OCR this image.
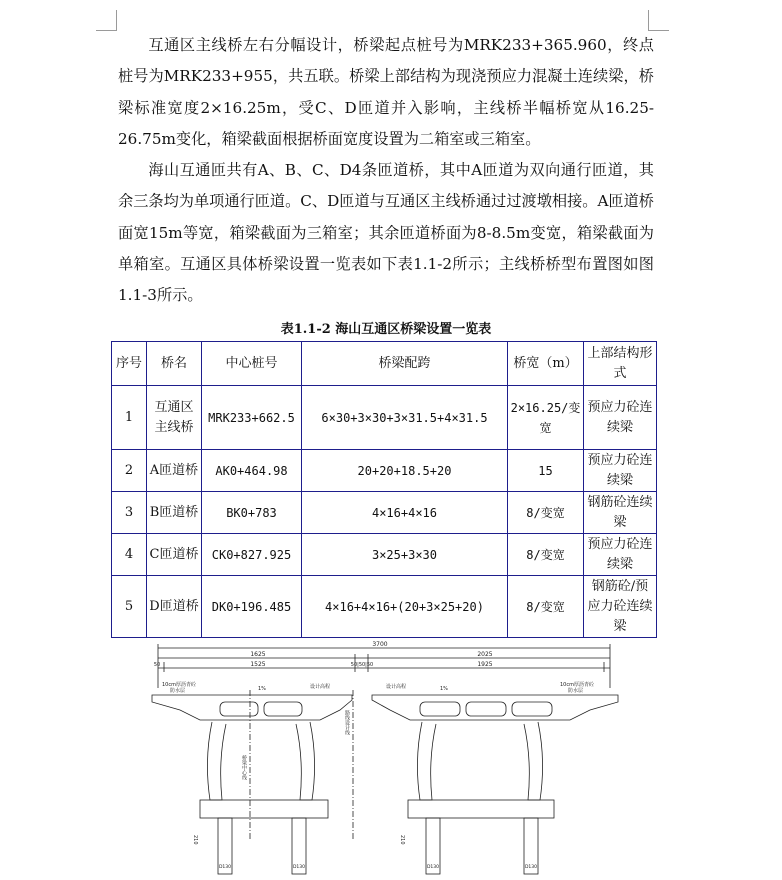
互通区主线桥左右分幅设计，桥梁起点桩号为MRK233+365.960，终点桩号为MRK233+955，共五联。桥梁上部结构为现浇预应力混凝土连续梁，桥梁标准宽度2×16.25m，受C、D匝道并入影响，主线桥半幅桥宽从16.25-26.75m变化，箱梁截面根据桥面宽度设置为二箱室或三箱室。

海山互通匝共有A、B、C、D4条匝道桥，其中A匝道为双向通行匝道，其余三条均为单项通行匝道。C、D匝道与互通区主线桥通过过渡墩相接。A匝道桥面宽15m等宽，箱梁截面为三箱室；其余匝道桥面为8-8.5m变宽，箱梁截面为单箱室。互通区具体桥梁设置一览表如下表1.1-2所示；主线桥桥型布置图如图1.1-3所示。

表1.1-2 海山互通区桥梁设置一览表
序号	桥名	中心桩号	桥梁配跨	桥宽（m）	上部结构形式
1	互通区主线桥	MRK233+662.5	6×30+3×30+3×31.5+4×31.5	2×16.25/变宽	预应力砼连续梁
2	A匝道桥	AK0+464.98	20+20+18.5+20	15	预应力砼连续梁
3	B匝道桥	BK0+783	4×16+4×16	8/变宽	钢筋砼连续梁
4	C匝道桥	CK0+827.925	3×25+3×30	8/变宽	预应力砼连续梁
5	D匝道桥	DK0+196.485	4×16+4×16+(20+3×25+20)	8/变宽	钢筋砼/预应力砼连续梁
3700
1625	2025
1525	50|50|50	1925
50
10cm厚沥青砼
防水层
10cm厚沥青砼
防水层
1%	1%
设计高程	设计高程
桥梁中心线
路线设计线
210	210
D130	D130	D130	D130
